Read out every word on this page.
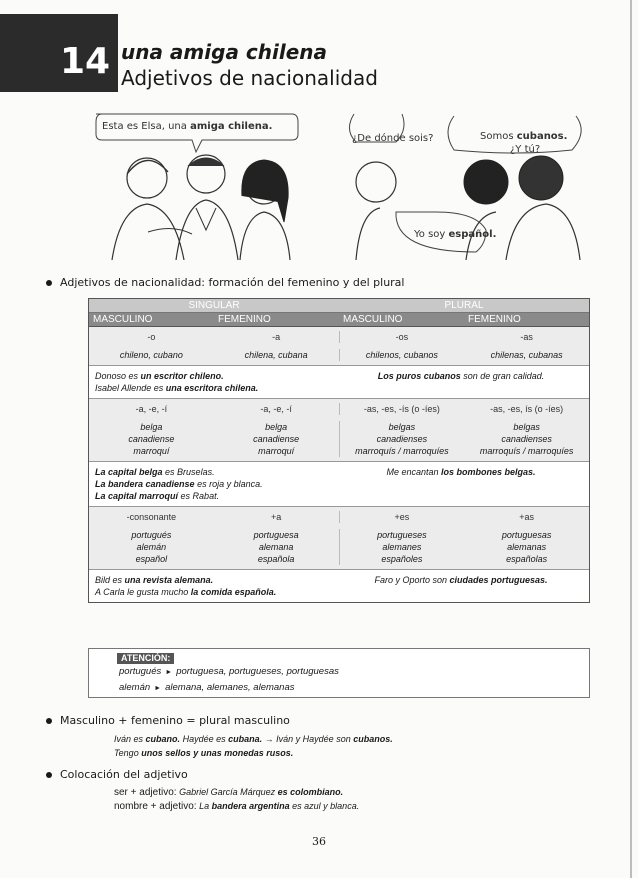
14 una amiga chilena
Adjetivos de nacionalidad
Esta es Elsa, una amiga chilena.
¿De dónde sois?	Somos cubanos.
¿Y tú?
Yo soy español.
Adjetivos de nacionalidad: formación del femenino y del plural
SINGULAR	PLURAL
MASCULINO	FEMENINO	MASCULINO	FEMENINO
-o	-a	-os	-as
chileno, cubano	chilena, cubana	chilenos, cubanos	chilenas, cubanas
Donoso es un escritor chileno.
Isabel Allende es una escritora chilena.
Los puros cubanos son de gran calidad.
-a, -e, -í	-a, -e, -í	-as, -es, -ís (o -íes)	-as, -es, ís (o -íes)
belga	belga	belgas	belgas
canadiense	canadiense	canadienses	canadienses
marroquí	marroquí	marroquís / marroquíes	marroquís / marroquíes
La capital belga es Bruselas.
La bandera canadiense es roja y blanca.
La capital marroquí es Rabat.
Me encantan los bombones belgas.
-consonante	+a	+es	+as
portugués	portuguesa	portugueses	portuguesas
alemán	alemana	alemanes	alemanas
español	española	españoles	españolas
Bild es una revista alemana.
A Carla le gusta mucho la comida española.
Faro y Oporto son ciudades portuguesas.
ATENCIÓN:
portugués ► portuguesa, portugueses, portuguesas
alemán ► alemana, alemanes, alemanas
Masculino + femenino = plural masculino
Iván es cubano. Haydée es cubana. → Iván y Haydée son cubanos.
Tengo unos sellos y unas monedas rusos.
Colocación del adjetivo
ser + adjetivo: Gabriel García Márquez es colombiano.
nombre + adjetivo: La bandera argentina es azul y blanca.
36
